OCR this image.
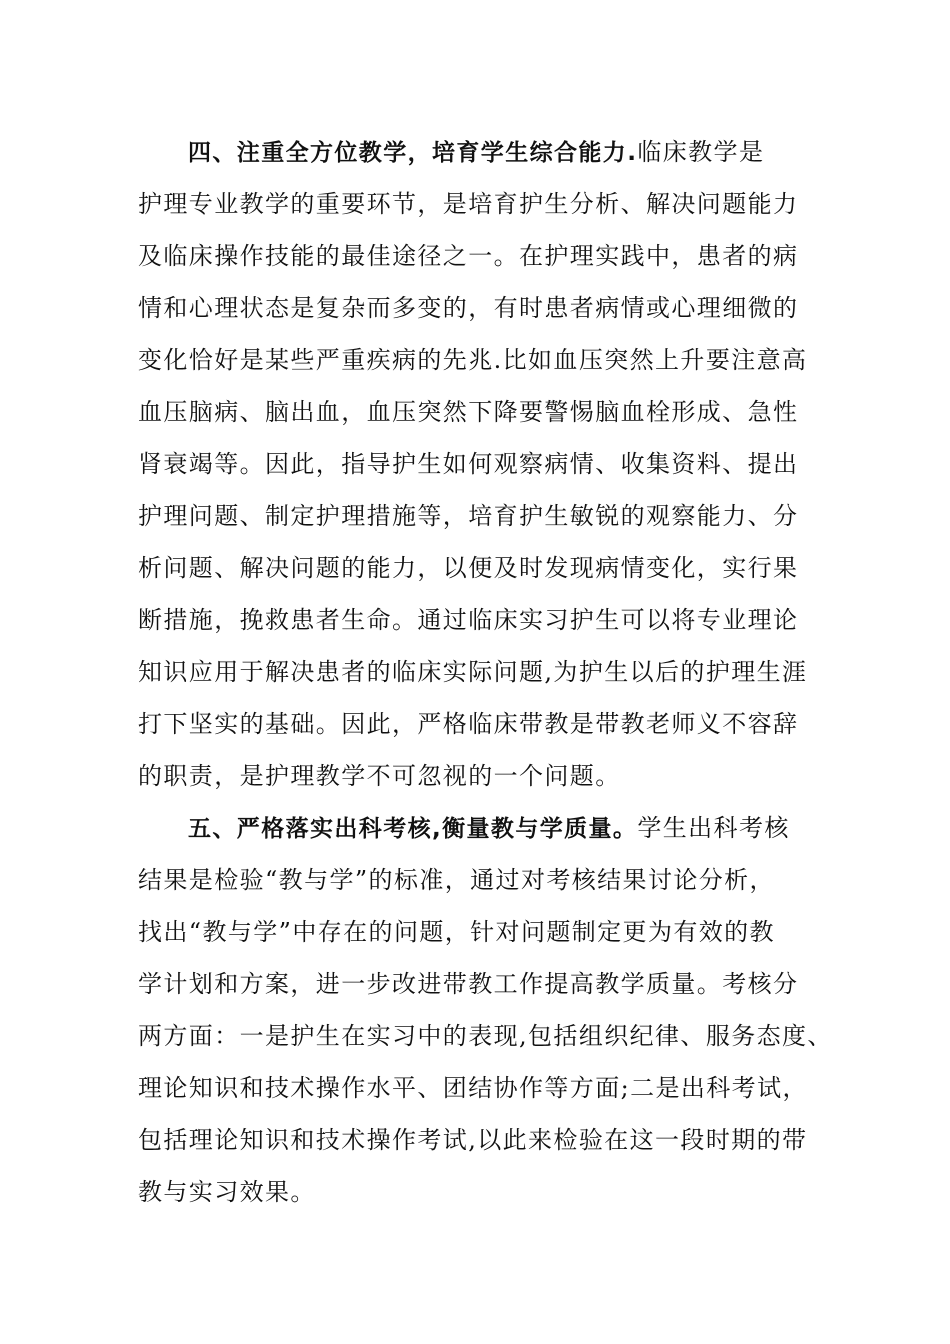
四、注重全方位教学，培育学生综合能力.临床教学是
护理专业教学的重要环节，是培育护生分析、解决问题能力
及临床操作技能的最佳途径之一。在护理实践中，患者的病
情和心理状态是复杂而多变的，有时患者病情或心理细微的
变化恰好是某些严重疾病的先兆.比如血压突然上升要注意高
血压脑病、脑出血，血压突然下降要警惕脑血栓形成、急性
肾衰竭等。因此，指导护生如何观察病情、收集资料、提出
护理问题、制定护理措施等，培育护生敏锐的观察能力、分
析问题、解决问题的能力，以便及时发现病情变化，实行果
断措施，挽救患者生命。通过临床实习护生可以将专业理论
知识应用于解决患者的临床实际问题,为护生以后的护理生涯
打下坚实的基础。因此，严格临床带教是带教老师义不容辞
的职责，是护理教学不可忽视的一个问题。
五、严格落实出科考核,衡量教与学质量。学生出科考核
结果是检验“教与学”的标准，通过对考核结果讨论分析，
找出“教与学”中存在的问题，针对问题制定更为有效的教
学计划和方案，进一步改进带教工作提高教学质量。考核分
两方面：一是护生在实习中的表现,包括组织纪律、服务态度、
理论知识和技术操作水平、团结协作等方面;二是出科考试，
包括理论知识和技术操作考试,以此来检验在这一段时期的带
教与实习效果。
